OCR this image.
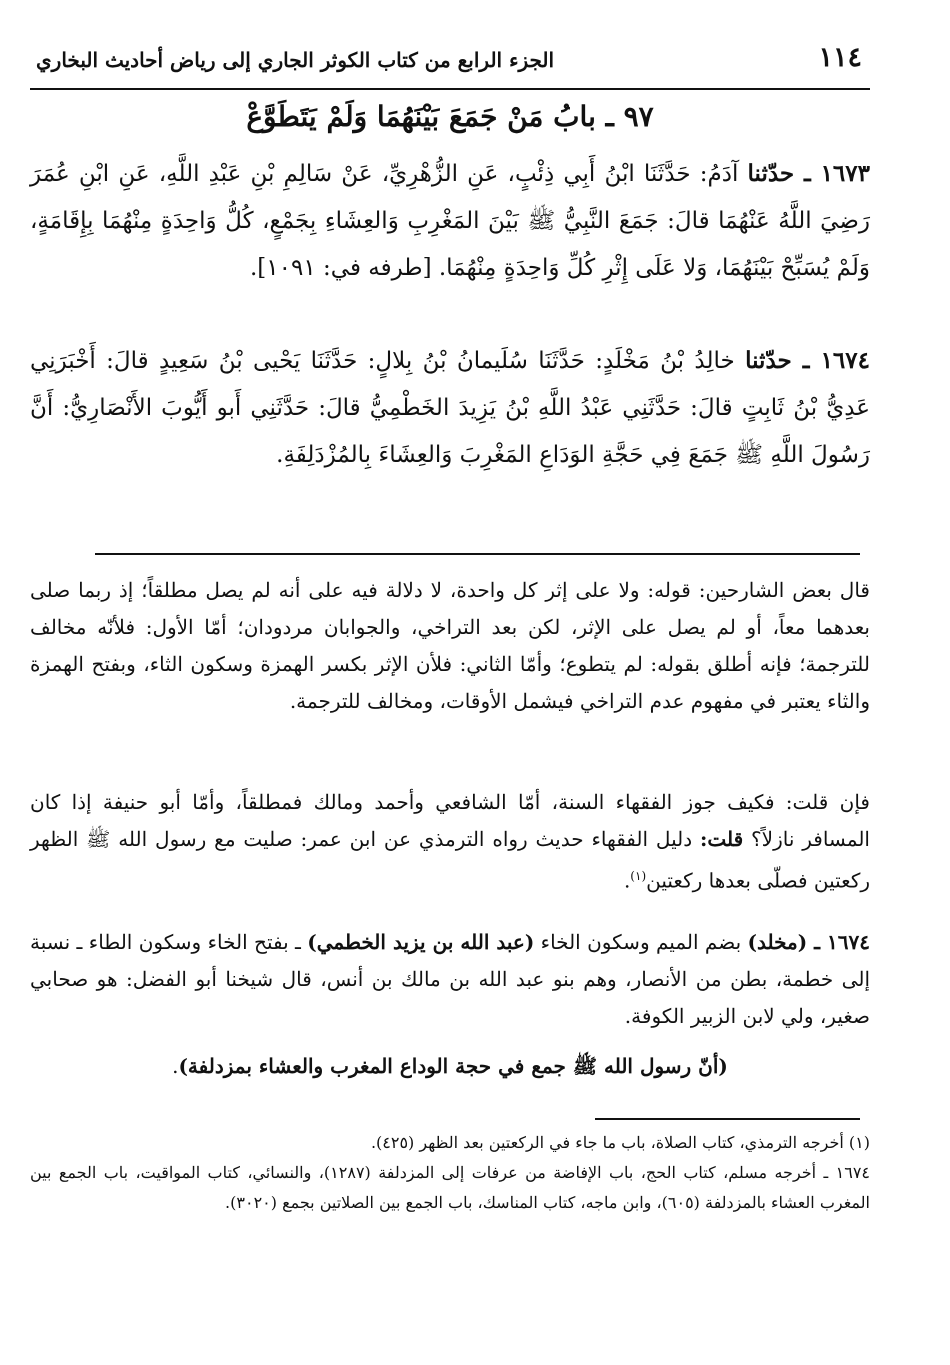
١١٤
الجزء الرابع من كتاب الكوثر الجاري إلى رياض أحاديث البخاري
٩٧ ـ بابُ مَنْ جَمَعَ بَيْنَهُمَا وَلَمْ يَتَطَوَّعْ

١٦٧٣ ـ حدّثنا آدَمُ: حَدَّثَنَا ابْنُ أَبِي ذِئْبٍ، عَنِ الزُّهْرِيِّ، عَنْ سَالِمِ بْنِ عَبْدِ اللَّهِ، عَنِ ابْنِ عُمَرَ رَضِيَ اللَّهُ عَنْهُمَا قالَ: جَمَعَ النَّبِيُّ ﷺ بَيْنَ المَغْرِبِ وَالعِشَاءِ بِجَمْعٍ، كُلُّ وَاحِدَةٍ مِنْهُمَا بِإِقَامَةٍ، وَلَمْ يُسَبِّحْ بَيْنَهُمَا، وَلا عَلَى إِثْرِ كُلِّ وَاحِدَةٍ مِنْهُمَا. [طرفه في: ١٠٩١].

١٦٧٤ ـ حدّثنا خالِدُ بْنُ مَخْلَدٍ: حَدَّثَنَا سُلَيمانُ بْنُ بِلالٍ: حَدَّثَنَا يَحْيى بْنُ سَعِيدٍ قالَ: أَخْبَرَنِي عَدِيُّ بْنُ ثَابِتٍ قالَ: حَدَّثَنِي عَبْدُ اللَّهِ بْنُ يَزِيدَ الخَطْمِيُّ قالَ: حَدَّثَنِي أَبو أَيُّوبَ الأَنْصَارِيُّ: أَنَّ رَسُولَ اللَّهِ ﷺ جَمَعَ فِي حَجَّةِ الوَدَاعِ المَغْرِبَ وَالعِشَاءَ بِالمُزْدَلِفَةِ.

قال بعض الشارحين: قوله: ولا على إثر كل واحدة، لا دلالة فيه على أنه لم يصل مطلقاً؛ إذ ربما صلى بعدهما معاً، أو لم يصل على الإثر، لكن بعد التراخي، والجوابان مردودان؛ أمّا الأول: فلأنّه مخالف للترجمة؛ فإنه أطلق بقوله: لم يتطوع؛ وأمّا الثاني: فلأن الإثر بكسر الهمزة وسكون الثاء، وبفتح الهمزة والثاء يعتبر في مفهوم عدم التراخي فيشمل الأوقات، ومخالف للترجمة.

فإن قلت: فكيف جوز الفقهاء السنة، أمّا الشافعي وأحمد ومالك فمطلقاً، وأمّا أبو حنيفة إذا كان المسافر نازلاً؟ قلت: دليل الفقهاء حديث رواه الترمذي عن ابن عمر: صليت مع رسول الله ﷺ الظهر ركعتين فصلّى بعدها ركعتين$^{(١)}$.

١٦٧٤ ـ (مخلد) بضم الميم وسكون الخاء (عبد الله بن يزيد الخطمي) ـ بفتح الخاء وسكون الطاء ـ نسبة إلى خطمة، بطن من الأنصار، وهم بنو عبد الله بن مالك بن أنس، قال شيخنا أبو الفضل: هو صحابي صغير، ولي لابن الزبير الكوفة.

(أنّ رسول الله ﷺ جمع في حجة الوداع المغرب والعشاء بمزدلفة).

(١) أخرجه الترمذي، كتاب الصلاة، باب ما جاء في الركعتين بعد الظهر (٤٢٥).
١٦٧٤ ـ أخرجه مسلم، كتاب الحج، باب الإفاضة من عرفات إلى المزدلفة (١٢٨٧)، والنسائي، كتاب المواقيت، باب الجمع بين المغرب العشاء بالمزدلفة (٦٠٥)، وابن ماجه، كتاب المناسك، باب الجمع بين الصلاتين بجمع (٣٠٢٠).
